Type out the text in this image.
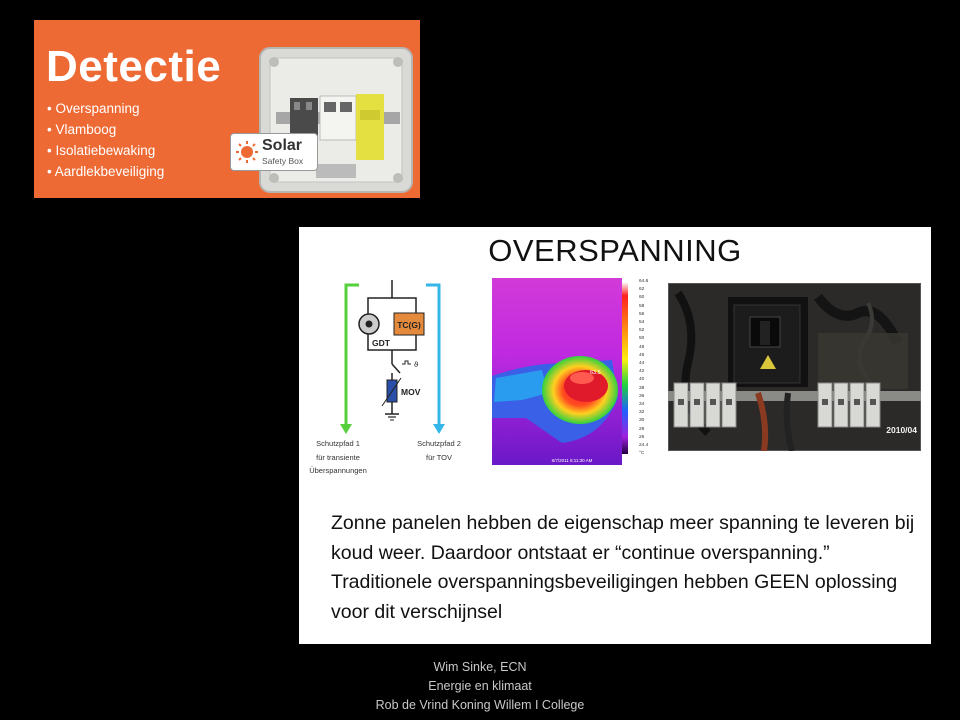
Detectie
• Overspanning
• Vlamboog
• Isolatiebewaking
• Aardlekbeveiliging
Solar
Safety Box
OVERSPANNING
TC(G)
GDT
ϑ
MOV
Schutzpfad 1
für transiente
Überspannungen
Schutzpfad 2
für TOV
63.5
6/7/2011 8:11:30 AM
64.6
62
60
58
56
54
52
50
48
46
44
42
40
38
36
34
32
30
28
26
24.4
°C
2010/04

Zonne panelen hebben de eigenschap meer spanning te leveren bij koud weer. Daardoor ontstaat er “continue overspanning.” Traditionele overspanningsbeveiligingen hebben GEEN oplossing voor dit verschijnsel

Wim Sinke, ECN
Energie en klimaat
Rob de Vrind Koning Willem I College
